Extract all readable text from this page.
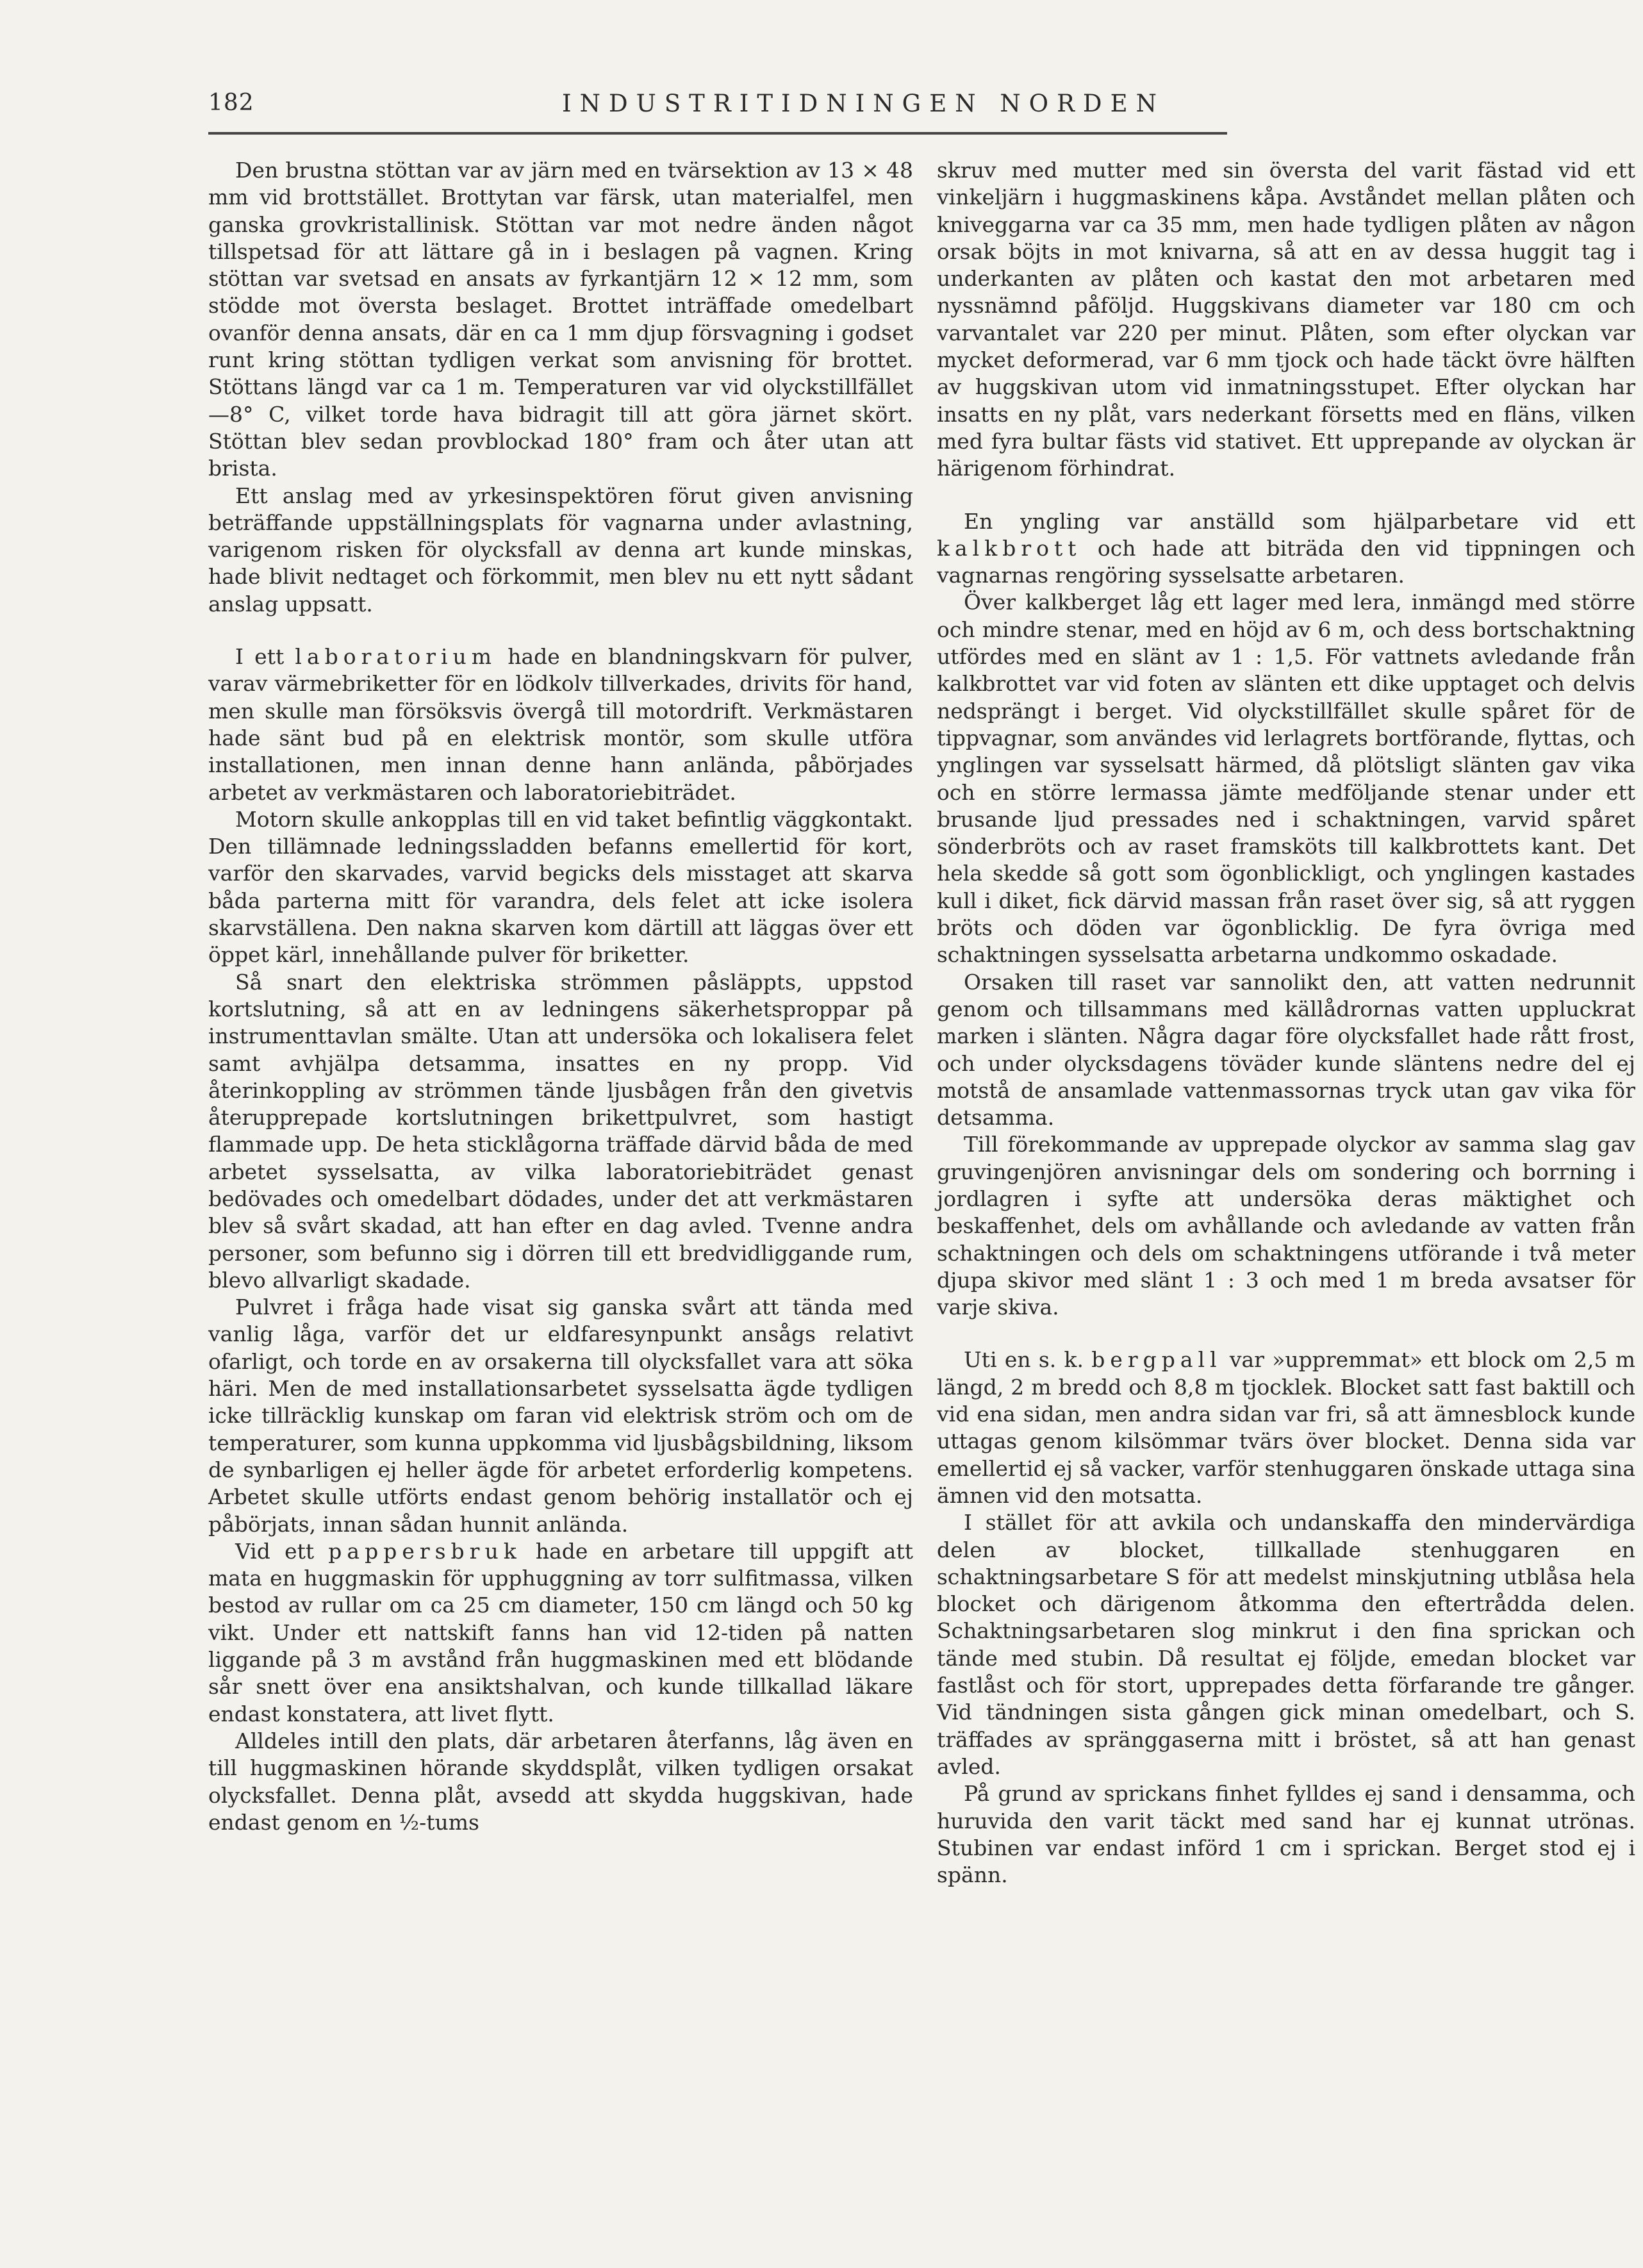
182	INDUSTRITIDNINGEN NORDEN

Den brustna stöttan var av järn med en tvärsektion av 13 × 48 mm vid brottstället. Brottytan var färsk, utan materialfel, men ganska grovkristallinisk. Stöttan var mot nedre änden något tillspetsad för att lättare gå in i beslagen på vagnen. Kring stöttan var svetsad en ansats av fyrkantjärn 12 × 12 mm, som stödde mot översta beslaget. Brottet inträffade omedelbart ovanför denna ansats, där en ca 1 mm djup försvagning i godset runt kring stöttan tydligen verkat som anvisning för brottet. Stöttans längd var ca 1 m. Temperaturen var vid olyckstillfället —8° C, vilket torde hava bidragit till att göra järnet skört. Stöttan blev sedan provblockad 180° fram och åter utan att brista.

Ett anslag med av yrkesinspektören förut given anvisning beträffande uppställningsplats för vagnarna under avlastning, varigenom risken för olycksfall av denna art kunde minskas, hade blivit nedtaget och förkommit, men blev nu ett nytt sådant anslag uppsatt.

I ett laboratorium hade en blandningskvarn för pulver, varav värmebriketter för en lödkolv tillverkades, drivits för hand, men skulle man försöksvis övergå till motordrift. Verkmästaren hade sänt bud på en elektrisk montör, som skulle utföra installationen, men innan denne hann anlända, påbörjades arbetet av verkmästaren och laboratoriebiträdet.

Motorn skulle ankopplas till en vid taket befintlig väggkontakt. Den tillämnade ledningssladden befanns emellertid för kort, varför den skarvades, varvid begicks dels misstaget att skarva båda parterna mitt för varandra, dels felet att icke isolera skarvställena. Den nakna skarven kom därtill att läggas över ett öppet kärl, innehållande pulver för briketter.

Så snart den elektriska strömmen påsläppts, uppstod kortslutning, så att en av ledningens säkerhetsproppar på instrumenttavlan smälte. Utan att undersöka och lokalisera felet samt avhjälpa detsamma, insattes en ny propp. Vid återinkoppling av strömmen tände ljusbågen från den givetvis återupprepade kortslutningen brikettpulvret, som hastigt flammade upp. De heta sticklågorna träffade därvid båda de med arbetet sysselsatta, av vilka laboratoriebiträdet genast bedövades och omedelbart dödades, under det att verkmästaren blev så svårt skadad, att han efter en dag avled. Tvenne andra personer, som befunno sig i dörren till ett bredvidliggande rum, blevo allvarligt skadade.

Pulvret i fråga hade visat sig ganska svårt att tända med vanlig låga, varför det ur eldfaresynpunkt ansågs relativt ofarligt, och torde en av orsakerna till olycksfallet vara att söka häri. Men de med installationsarbetet sysselsatta ägde tydligen icke tillräcklig kunskap om faran vid elektrisk ström och om de temperaturer, som kunna uppkomma vid ljusbågsbildning, liksom de synbarligen ej heller ägde för arbetet erforderlig kompetens. Arbetet skulle utförts endast genom behörig installatör och ej påbörjats, innan sådan hunnit anlända.

Vid ett pappersbruk hade en arbetare till uppgift att mata en huggmaskin för upphuggning av torr sulfitmassa, vilken bestod av rullar om ca 25 cm diameter, 150 cm längd och 50 kg vikt. Under ett nattskift fanns han vid 12-tiden på natten liggande på 3 m avstånd från huggmaskinen med ett blödande sår snett över ena ansiktshalvan, och kunde tillkallad läkare endast konstatera, att livet flytt.

Alldeles intill den plats, där arbetaren återfanns, låg även en till huggmaskinen hörande skyddsplåt, vilken tydligen orsakat olycksfallet. Denna plåt, avsedd att skydda huggskivan, hade endast genom en ½-tums

skruv med mutter med sin översta del varit fästad vid ett vinkeljärn i huggmaskinens kåpa. Avståndet mellan plåten och kniveggarna var ca 35 mm, men hade tydligen plåten av någon orsak böjts in mot knivarna, så att en av dessa huggit tag i underkanten av plåten och kastat den mot arbetaren med nyssnämnd påföljd. Huggskivans diameter var 180 cm och varvantalet var 220 per minut. Plåten, som efter olyckan var mycket deformerad, var 6 mm tjock och hade täckt övre hälften av huggskivan utom vid inmatningsstupet. Efter olyckan har insatts en ny plåt, vars nederkant försetts med en fläns, vilken med fyra bultar fästs vid stativet. Ett upprepande av olyckan är härigenom förhindrat.

En yngling var anställd som hjälparbetare vid ett kalkbrott och hade att biträda den vid tippningen och vagnarnas rengöring sysselsatte arbetaren.

Över kalkberget låg ett lager med lera, inmängd med större och mindre stenar, med en höjd av 6 m, och dess bortschaktning utfördes med en slänt av 1 : 1,5. För vattnets avledande från kalkbrottet var vid foten av slänten ett dike upptaget och delvis nedsprängt i berget. Vid olyckstillfället skulle spåret för de tippvagnar, som användes vid lerlagrets bortförande, flyttas, och ynglingen var sysselsatt härmed, då plötsligt slänten gav vika och en större lermassa jämte medföljande stenar under ett brusande ljud pressades ned i schaktningen, varvid spåret sönderbröts och av raset framsköts till kalkbrottets kant. Det hela skedde så gott som ögonblickligt, och ynglingen kastades kull i diket, fick därvid massan från raset över sig, så att ryggen bröts och döden var ögonblicklig. De fyra övriga med schaktningen sysselsatta arbetarna undkommo oskadade.

Orsaken till raset var sannolikt den, att vatten nedrunnit genom och tillsammans med källådrornas vatten uppluckrat marken i slänten. Några dagar före olycksfallet hade rått frost, och under olycksdagens töväder kunde släntens nedre del ej motstå de ansamlade vattenmassornas tryck utan gav vika för detsamma.

Till förekommande av upprepade olyckor av samma slag gav gruvingenjören anvisningar dels om sondering och borrning i jordlagren i syfte att undersöka deras mäktighet och beskaffenhet, dels om avhållande och avledande av vatten från schaktningen och dels om schaktningens utförande i två meter djupa skivor med slänt 1 : 3 och med 1 m breda avsatser för varje skiva.

Uti en s. k. bergpall var »uppremmat» ett block om 2,5 m längd, 2 m bredd och 8,8 m tjocklek. Blocket satt fast baktill och vid ena sidan, men andra sidan var fri, så att ämnesblock kunde uttagas genom kilsömmar tvärs över blocket. Denna sida var emellertid ej så vacker, varför stenhuggaren önskade uttaga sina ämnen vid den motsatta.

I stället för att avkila och undanskaffa den mindervärdiga delen av blocket, tillkallade stenhuggaren en schaktningsarbetare S för att medelst minskjutning utblåsa hela blocket och därigenom åtkomma den eftertrådda delen. Schaktningsarbetaren slog minkrut i den fina sprickan och tände med stubin. Då resultat ej följde, emedan blocket var fastlåst och för stort, upprepades detta förfarande tre gånger. Vid tändningen sista gången gick minan omedelbart, och S. träffades av spränggaserna mitt i bröstet, så att han genast avled.

På grund av sprickans finhet fylldes ej sand i densamma, och huruvida den varit täckt med sand har ej kunnat utrönas. Stubinen var endast införd 1 cm i sprickan. Berget stod ej i spänn.
